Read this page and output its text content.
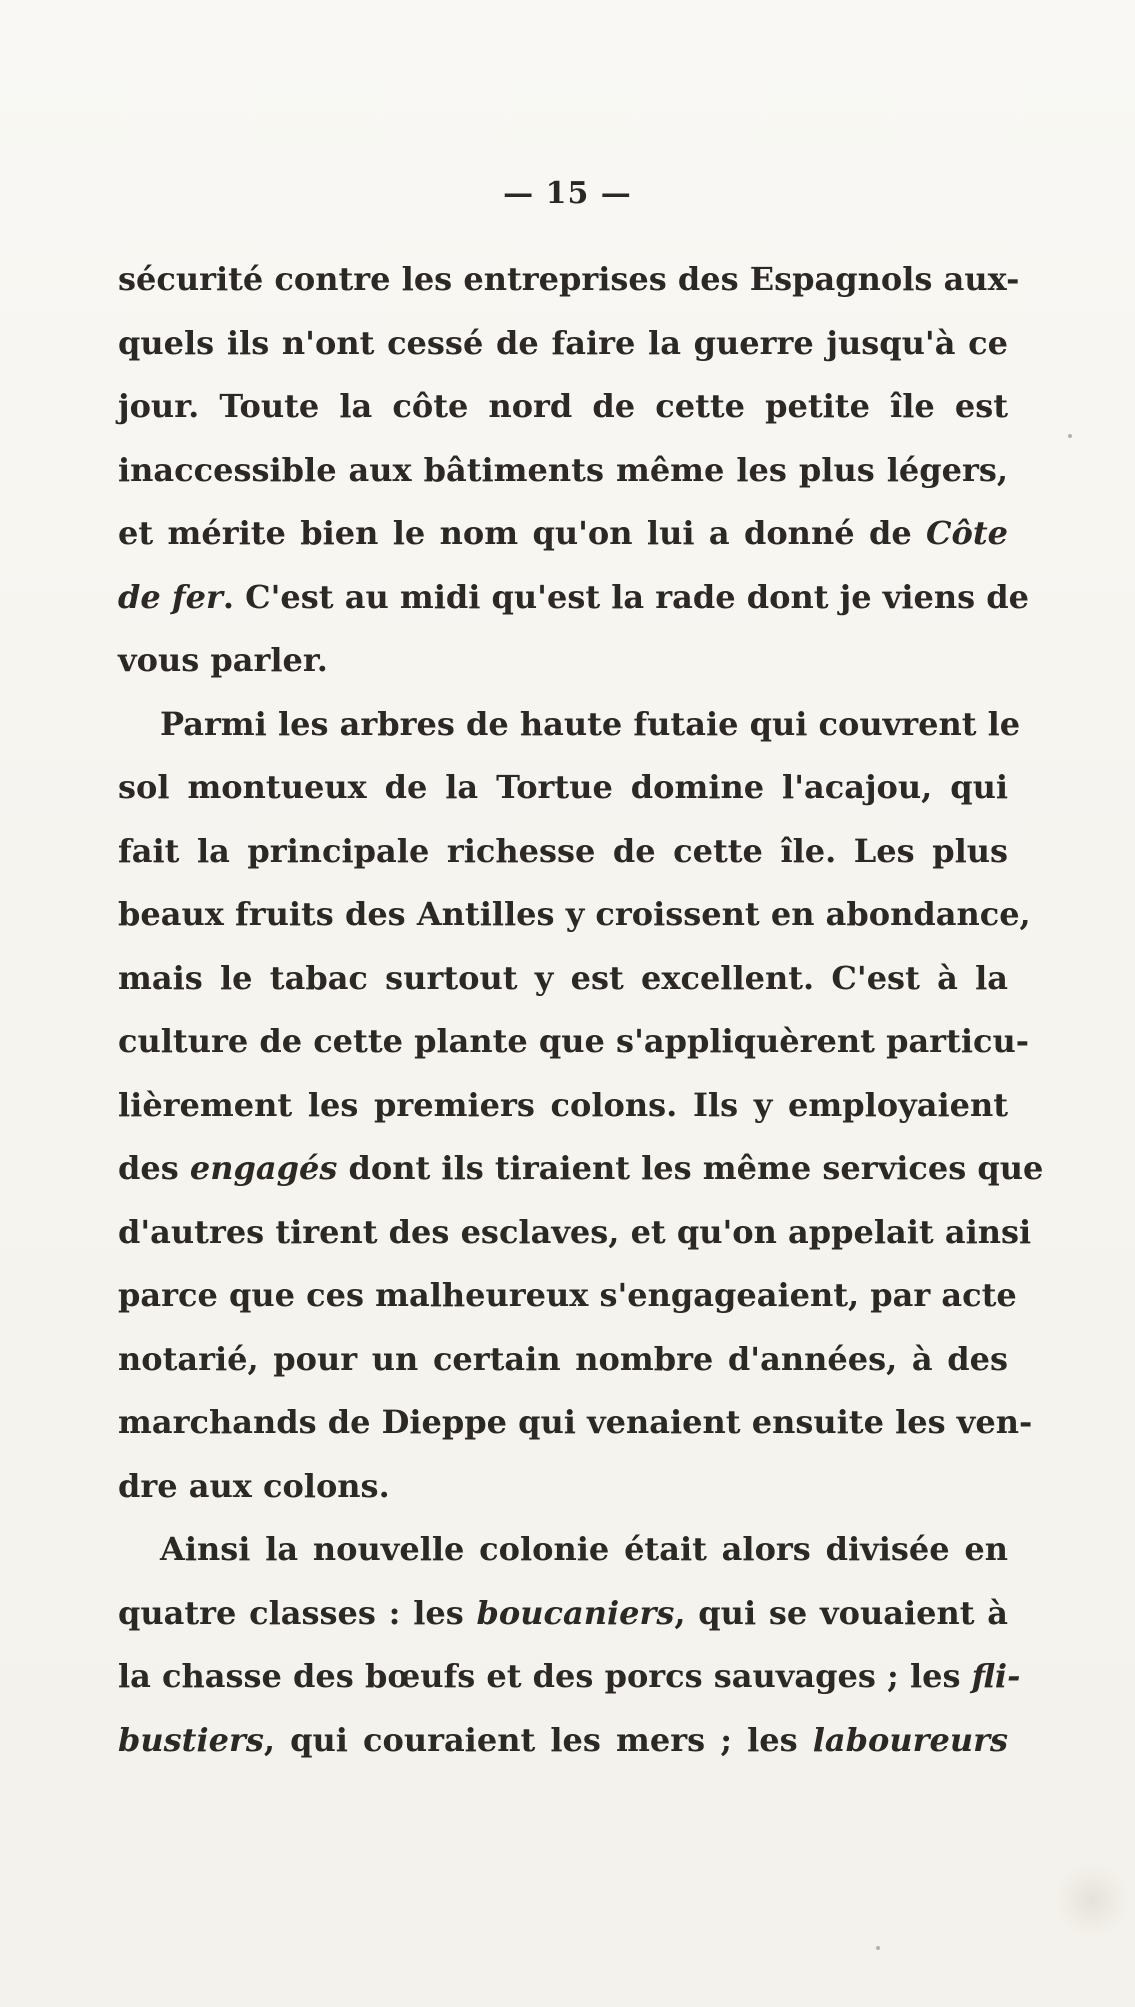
— 15 —
sécurité contre les entreprises des Espagnols aux-
quels ils n'ont cessé de faire la guerre jusqu'à ce
jour. Toute la côte nord de cette petite île est
inaccessible aux bâtiments même les plus légers,
et mérite bien le nom qu'on lui a donné de Côte
de fer. C'est au midi qu'est la rade dont je viens de
vous parler.
Parmi les arbres de haute futaie qui couvrent le
sol montueux de la Tortue domine l'acajou, qui
fait la principale richesse de cette île. Les plus
beaux fruits des Antilles y croissent en abondance,
mais le tabac surtout y est excellent. C'est à la
culture de cette plante que s'appliquèrent particu-
lièrement les premiers colons. Ils y employaient
des engagés dont ils tiraient les même services que
d'autres tirent des esclaves, et qu'on appelait ainsi
parce que ces malheureux s'engageaient, par acte
notarié, pour un certain nombre d'années, à des
marchands de Dieppe qui venaient ensuite les ven-
dre aux colons.
Ainsi la nouvelle colonie était alors divisée en
quatre classes : les boucaniers, qui se vouaient à
la chasse des bœufs et des porcs sauvages ; les fli-
bustiers, qui couraient les mers ; les laboureurs
